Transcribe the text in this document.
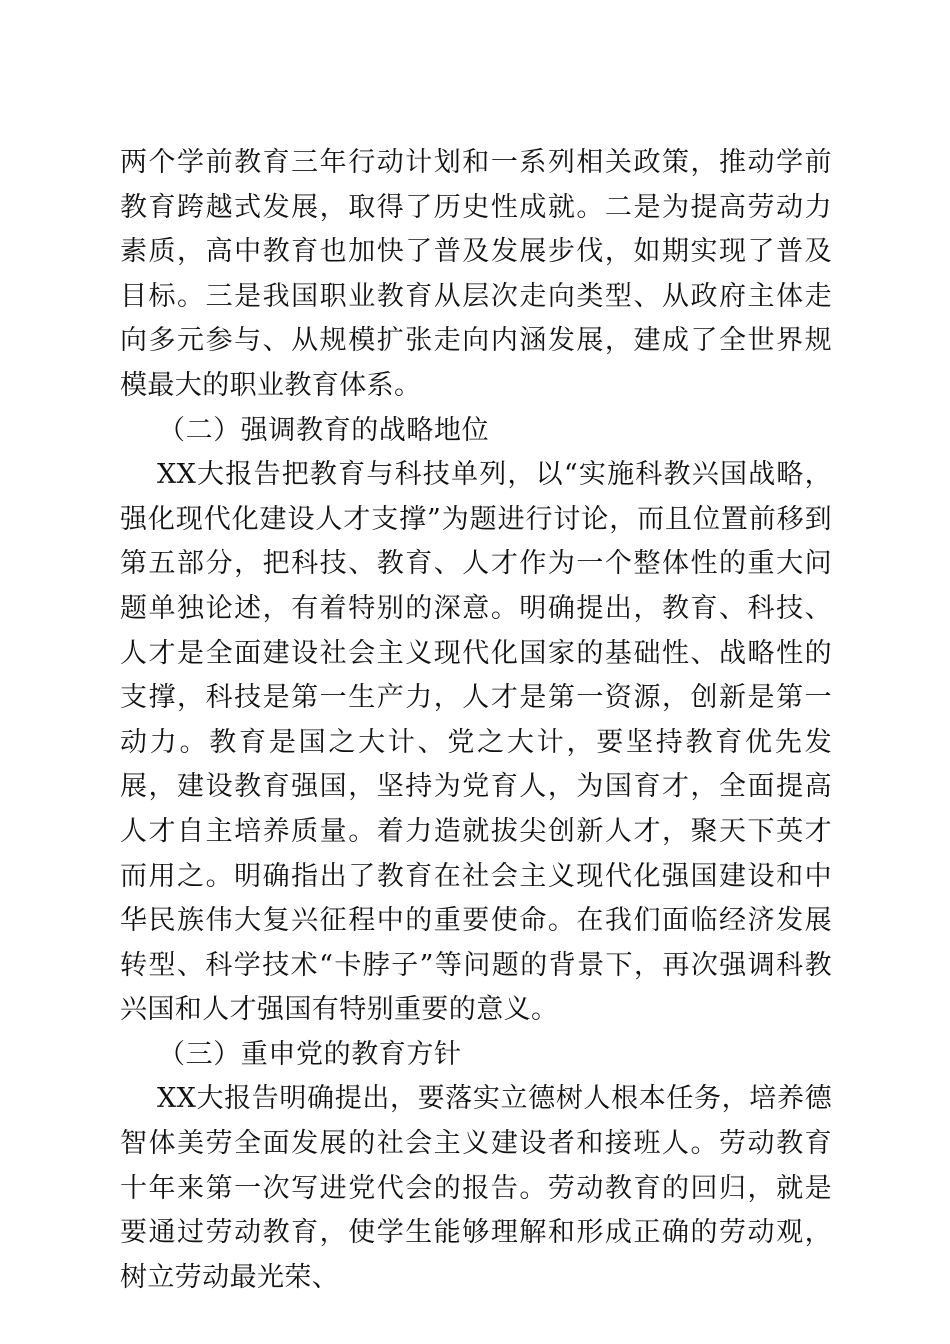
两个学前教育三年行动计划和一系列相关政策，推动学前教育跨越式发展，取得了历史性成就。二是为提高劳动力素质，高中教育也加快了普及发展步伐，如期实现了普及目标。三是我国职业教育从层次走向类型、从政府主体走向多元参与、从规模扩张走向内涵发展，建成了全世界规模最大的职业教育体系。

（二）强调教育的战略地位

XX大报告把教育与科技单列，以“实施科教兴国战略，强化现代化建设人才支撑”为题进行讨论，而且位置前移到第五部分，把科技、教育、人才作为一个整体性的重大问题单独论述，有着特别的深意。明确提出，教育、科技、人才是全面建设社会主义现代化国家的基础性、战略性的支撑，科技是第一生产力，人才是第一资源，创新是第一动力。教育是国之大计、党之大计，要坚持教育优先发展，建设教育强国，坚持为党育人，为国育才，全面提高人才自主培养质量。着力造就拔尖创新人才，聚天下英才而用之。明确指出了教育在社会主义现代化强国建设和中华民族伟大复兴征程中的重要使命。在我们面临经济发展转型、科学技术“卡脖子”等问题的背景下，再次强调科教兴国和人才强国有特别重要的意义。

（三）重申党的教育方针

XX大报告明确提出，要落实立德树人根本任务，培养德智体美劳全面发展的社会主义建设者和接班人。劳动教育十年来第一次写进党代会的报告。劳动教育的回归，就是要通过劳动教育，使学生能够理解和形成正确的劳动观，树立劳动最光荣、
